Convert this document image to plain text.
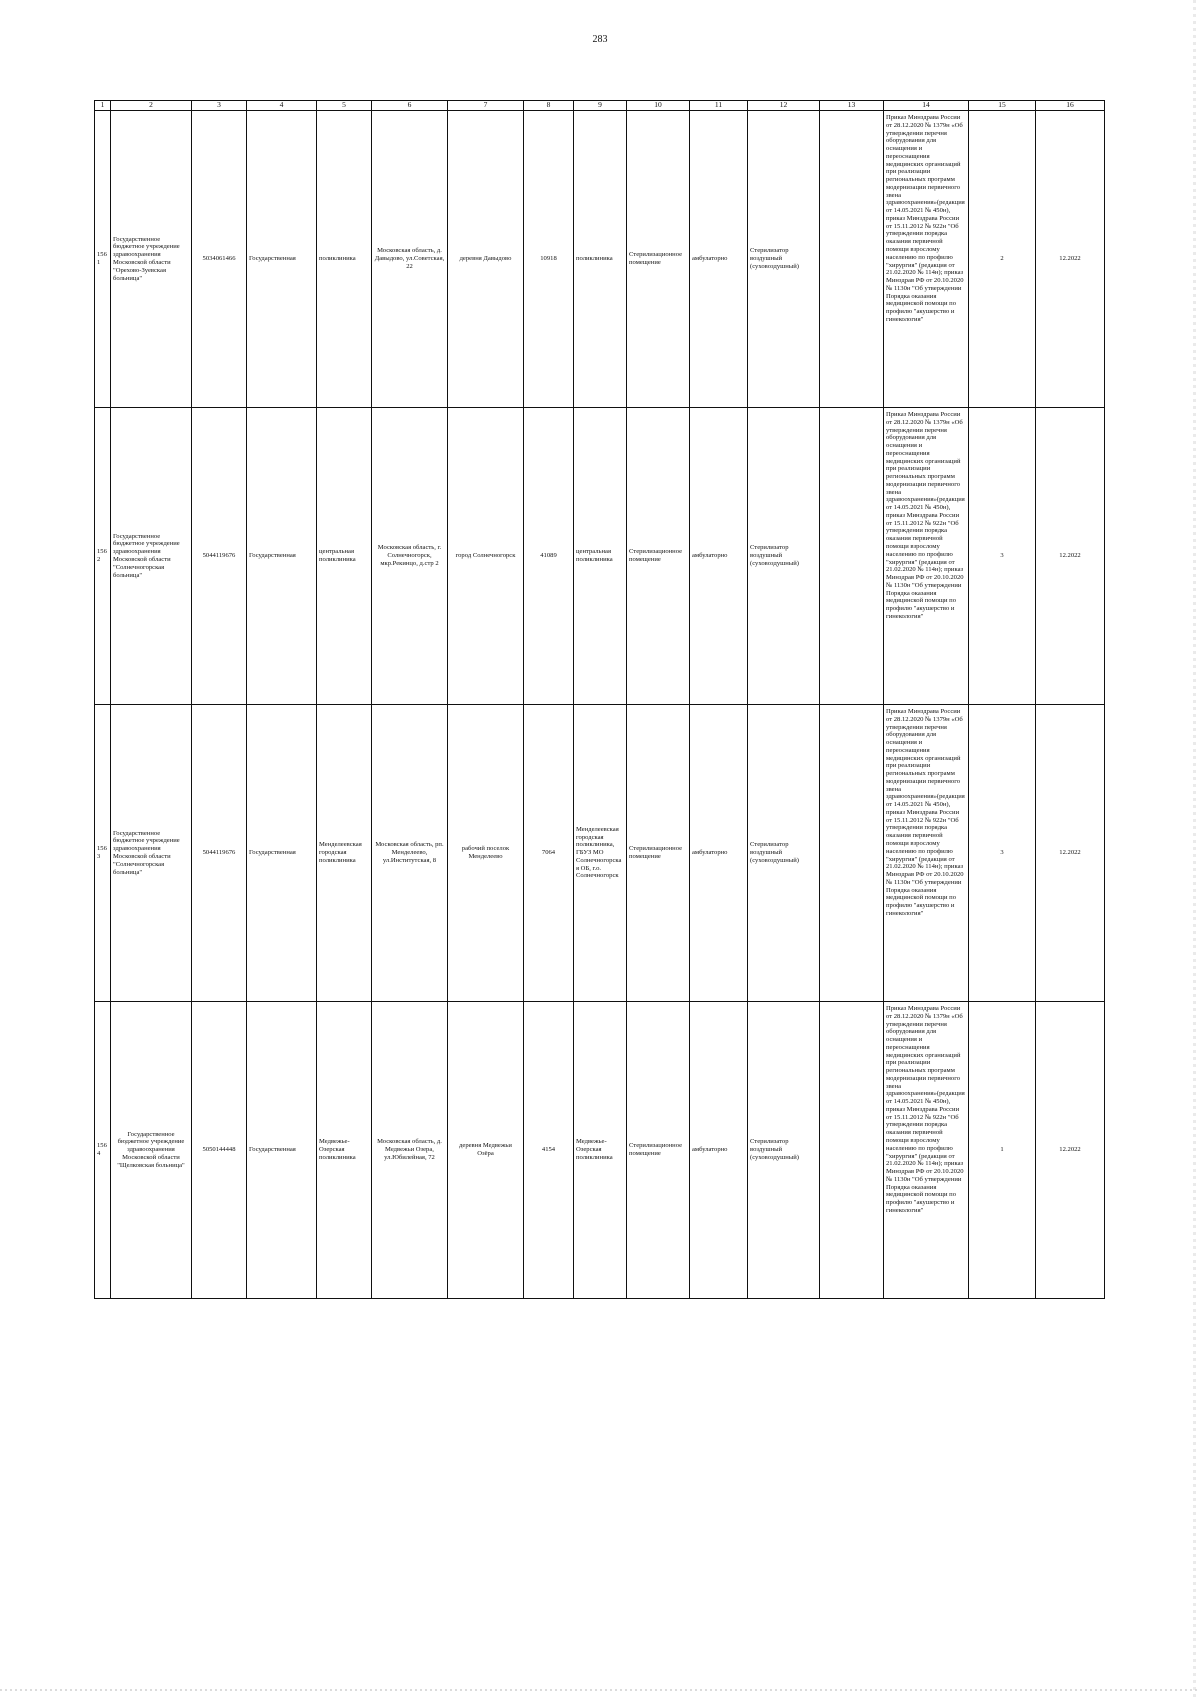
283
1	2	3	4	5	6	7	8	9	10	11	12	13	14	15	16
1561	Государственное бюджетное учреждение здравоохранения Московской области "Орехово-Зуевская больница"	5034061466	Государственная	поликлиника	Московская область, д. Давыдово, ул.Советская, 22	деревня Давыдово	10918	поликлиника	Стерилизационное помещение	амбулаторно	Стерилизатор воздушный (суховоздушный)		Приказ Минздрава России от 28.12.2020 № 1379н «Об утверждении перечня оборудования для оснащения и переоснащения медицинских организаций при реализации региональных программ модернизации первичного звена здравоохранения»(редакция от 14.05.2021 № 450н), приказ Минздрава России от 15.11.2012 № 922н "Об утверждении порядка оказания первичной помощи взрослому населению по профилю "хирургия" (редакция от 21.02.2020 № 114н); приказ Минздрав РФ от 20.10.2020 № 1130н "Об утверждении Порядка оказания медицинской помощи по профилю "акушерство и гинекология"	2	12.2022
1562	Государственное бюджетное учреждение здравоохранения Московской области "Солнечногорская больница"	5044119676	Государственная	центральная поликлиника	Московская область, г. Солнечногорск, мкр.Рекинцо, д.стр 2	город Солнечногорск	41089	центральная поликлиника	Стерилизационное помещение	амбулаторно	Стерилизатор воздушный (суховоздушный)		Приказ Минздрава России от 28.12.2020 № 1379н «Об утверждении перечня оборудования для оснащения и переоснащения медицинских организаций при реализации региональных программ модернизации первичного звена здравоохранения»(редакция от 14.05.2021 № 450н), приказ Минздрава России от 15.11.2012 № 922н "Об утверждении порядка оказания первичной помощи взрослому населению по профилю "хирургия" (редакция от 21.02.2020 № 114н); приказ Минздрав РФ от 20.10.2020 № 1130н "Об утверждении Порядка оказания медицинской помощи по профилю "акушерство и гинекология"	3	12.2022
1563	Государственное бюджетное учреждение здравоохранения Московской области "Солнечногорская больница"	5044119676	Государственная	Менделеевская городская поликлиника	Московская область, рп. Менделеево, ул.Институтская, 8	рабочий поселок Менделеево	7064	Менделеевская городская поликлиника, ГБУЗ МО Солнечногорская ОБ, г.о. Солнечногорск	Стерилизационное помещение	амбулаторно	Стерилизатор воздушный (суховоздушный)		Приказ Минздрава России от 28.12.2020 № 1379н «Об утверждении перечня оборудования для оснащения и переоснащения медицинских организаций при реализации региональных программ модернизации первичного звена здравоохранения»(редакция от 14.05.2021 № 450н), приказ Минздрава России от 15.11.2012 № 922н "Об утверждении порядка оказания первичной помощи взрослому населению по профилю "хирургия" (редакция от 21.02.2020 № 114н); приказ Минздрав РФ от 20.10.2020 № 1130н "Об утверждении Порядка оказания медицинской помощи по профилю "акушерство и гинекология"	3	12.2022
1564	Государственное бюджетное учреждение здравоохранения Московской области "Щелковская больница"	5050144448	Государственная	Медвежье-Озерская поликлиника	Московская область, д. Медвежьи Озера, ул.Юбилейная, 72	деревня Медвежьи Озёра	4154	Медвежье-Озерская поликлиника	Стерилизационное помещение	амбулаторно	Стерилизатор воздушный (суховоздушный)		Приказ Минздрава России от 28.12.2020 № 1379н «Об утверждении перечня оборудования для оснащения и переоснащения медицинских организаций при реализации региональных программ модернизации первичного звена здравоохранения»(редакция от 14.05.2021 № 450н), приказ Минздрава России от 15.11.2012 № 922н "Об утверждении порядка оказания первичной помощи взрослому населению по профилю "хирургия" (редакция от 21.02.2020 № 114н); приказ Минздрав РФ от 20.10.2020 № 1130н "Об утверждении Порядка оказания медицинской помощи по профилю "акушерство и гинекология"	1	12.2022
